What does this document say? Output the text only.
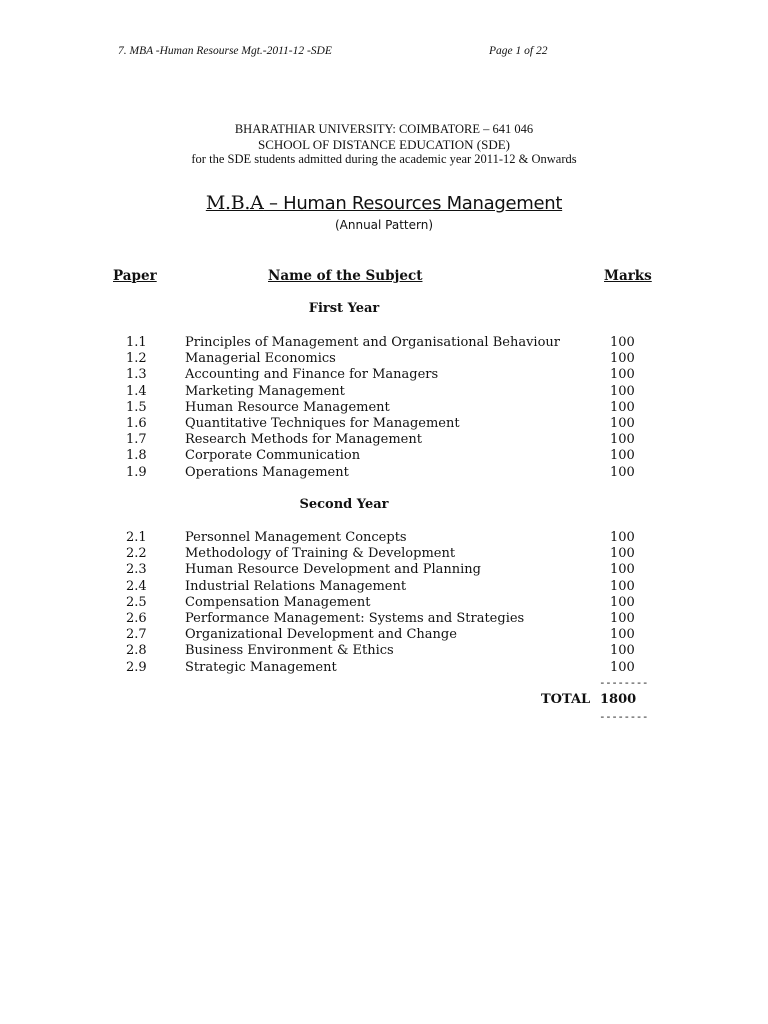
7. MBA -Human Resourse Mgt.-2011-12 -SDE	Page 1 of 22
BHARATHIAR UNIVERSITY: COIMBATORE – 641 046
SCHOOL OF DISTANCE EDUCATION (SDE)
for the SDE students admitted during the academic year 2011-12 & Onwards
M.B.A – Human Resources Management
(Annual Pattern)
Paper	Name of the Subject	Marks
First Year
1.1	Principles of Management and Organisational Behaviour	100
1.2	Managerial Economics	100
1.3	Accounting and Finance for Managers	100
1.4	Marketing Management	100
1.5	Human Resource Management	100
1.6	Quantitative Techniques for Management	100
1.7	Research Methods for Management	100
1.8	Corporate Communication	100
1.9	Operations Management	100
Second Year
2.1	Personnel Management Concepts	100
2.2	Methodology of Training & Development	100
2.3	Human Resource Development and Planning	100
2.4	Industrial Relations Management	100
2.5	Compensation Management	100
2.6	Performance Management: Systems and Strategies	100
2.7	Organizational Development and Change	100
2.8	Business Environment & Ethics	100
2.9	Strategic Management	100
--------
TOTAL 1800
--------
